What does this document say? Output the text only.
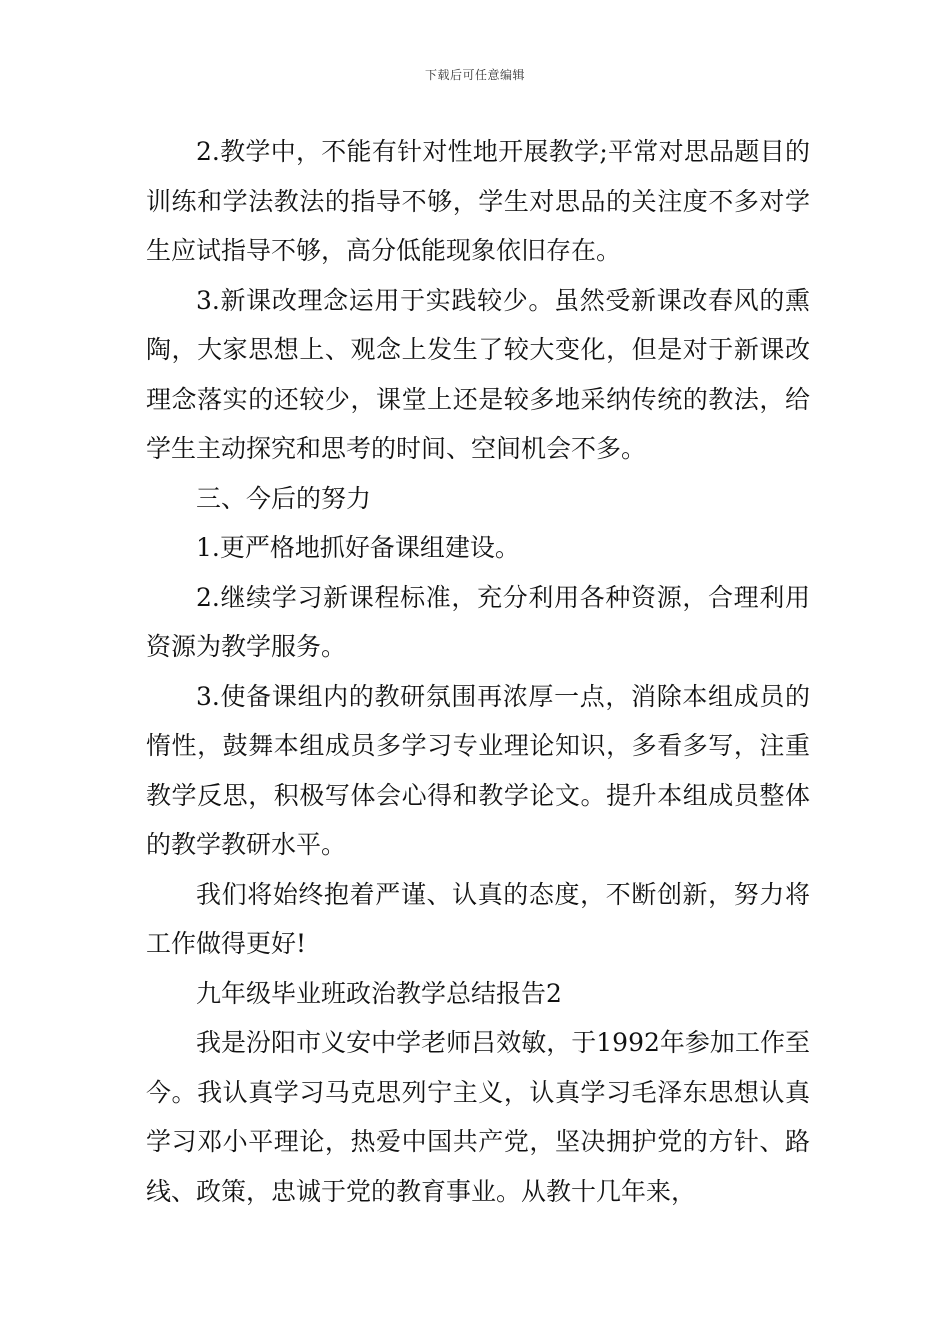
下载后可任意编辑

2.教学中，不能有针对性地开展教学;平常对思品题目的训练和学法教法的指导不够，学生对思品的关注度不多对学生应试指导不够，高分低能现象依旧存在。

3.新课改理念运用于实践较少。虽然受新课改春风的熏陶，大家思想上、观念上发生了较大变化，但是对于新课改理念落实的还较少，课堂上还是较多地采纳传统的教法，给学生主动探究和思考的时间、空间机会不多。

三、今后的努力

1.更严格地抓好备课组建设。

2.继续学习新课程标准，充分利用各种资源，合理利用资源为教学服务。

3.使备课组内的教研氛围再浓厚一点，消除本组成员的惰性，鼓舞本组成员多学习专业理论知识，多看多写，注重教学反思，积极写体会心得和教学论文。提升本组成员整体的教学教研水平。

我们将始终抱着严谨、认真的态度，不断创新，努力将工作做得更好!

九年级毕业班政治教学总结报告2

我是汾阳市义安中学老师吕效敏，于1992年参加工作至今。我认真学习马克思列宁主义，认真学习毛泽东思想认真学习邓小平理论，热爱中国共产党，坚决拥护党的方针、路线、政策，忠诚于党的教育事业。从教十几年来，
